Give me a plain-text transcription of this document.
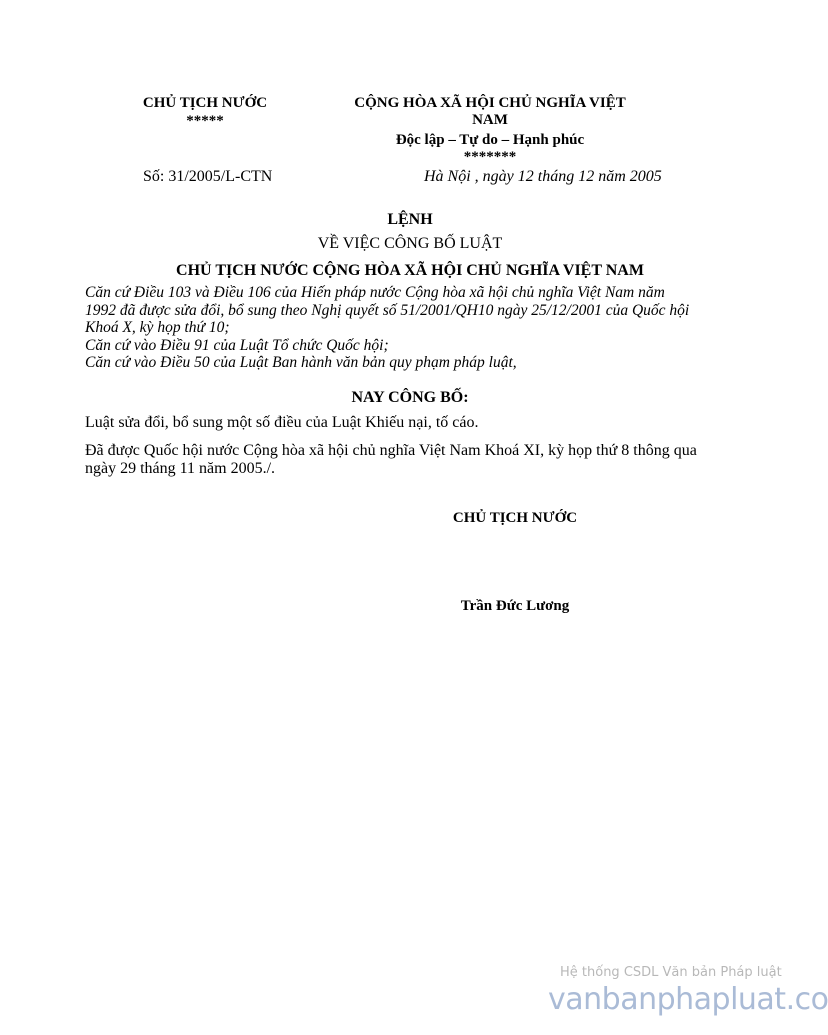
CHỦ TỊCH NƯỚC
*****
CỘNG HÒA XÃ HỘI CHỦ NGHĨA VIỆT NAM
Độc lập – Tự do – Hạnh phúc
*******
Số: 31/2005/L-CTN	Hà Nội , ngày 12 tháng 12 năm 2005
LỆNH
VỀ VIỆC CÔNG BỐ LUẬT
CHỦ TỊCH NƯỚC CỘNG HÒA XÃ HỘI CHỦ NGHĨA VIỆT NAM
Căn cứ Điều 103 và Điều 106 của Hiến pháp nước Cộng hòa xã hội chủ nghĩa Việt Nam năm
1992 đã được sửa đổi, bổ sung theo Nghị quyết số 51/2001/QH10 ngày 25/12/2001 của Quốc hội
Khoá X, kỳ họp thứ 10;
Căn cứ vào Điều 91 của Luật Tổ chức Quốc hội;
Căn cứ vào Điều 50 của Luật Ban hành văn bản quy phạm pháp luật,
NAY CÔNG BỐ:
Luật sửa đổi, bổ sung một số điều của Luật Khiếu nại, tố cáo.
Đã được Quốc hội nước Cộng hòa xã hội chủ nghĩa Việt Nam Khoá XI, kỳ họp thứ 8 thông qua ngày 29 tháng 11 năm 2005./.
CHỦ TỊCH NƯỚC
Trần Đức Lương
Hệ thống CSDL Văn bản Pháp luật
vanbanphapluat.co
